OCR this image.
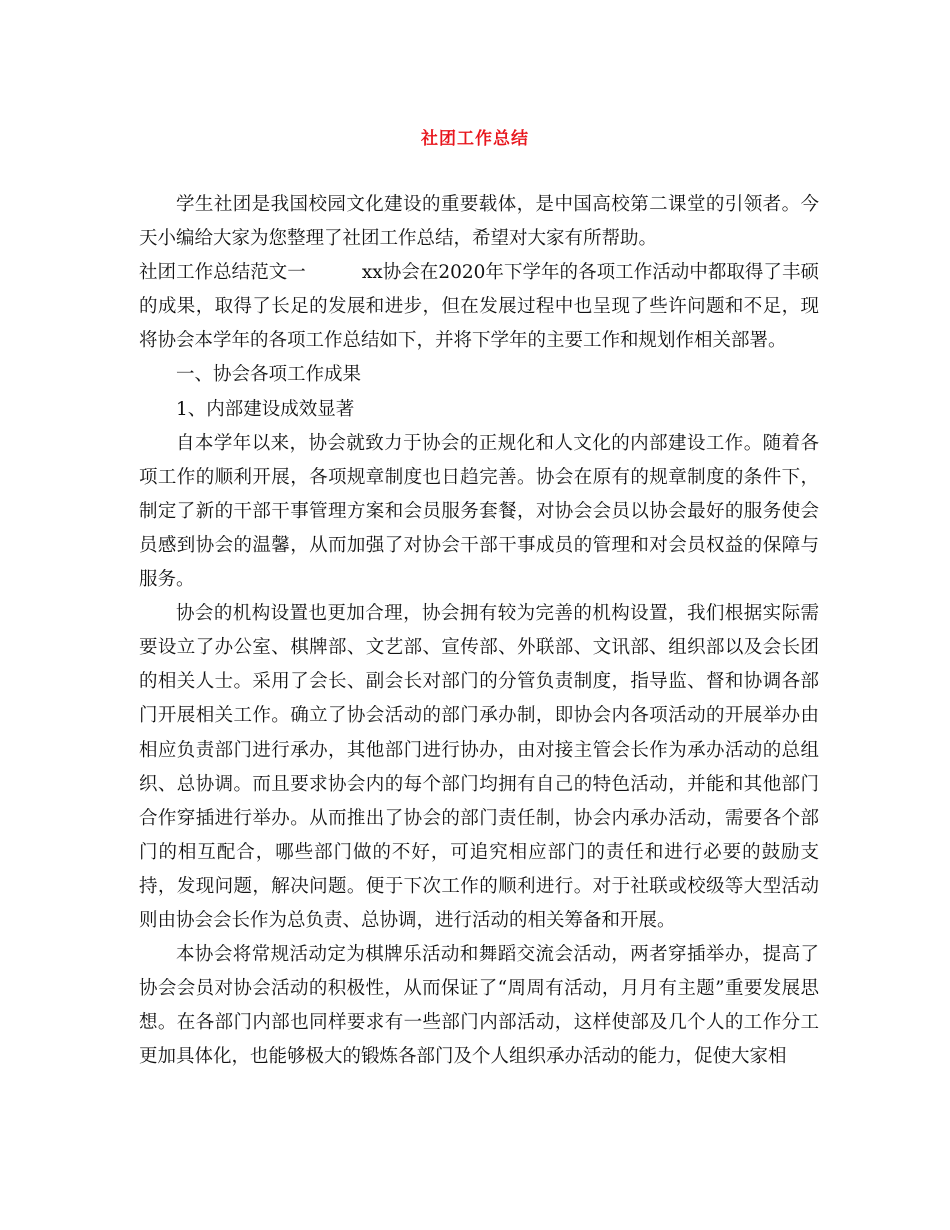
社团工作总结

学生社团是我国校园文化建设的重要载体，是中国高校第二课堂的引领者。今天小编给大家为您整理了社团工作总结，希望对大家有所帮助。

社团工作总结范文一	xx协会在2020年下学年的各项工作活动中都取得了丰硕的成果，取得了长足的发展和进步，但在发展过程中也呈现了些许问题和不足，现将协会本学年的各项工作总结如下，并将下学年的主要工作和规划作相关部署。

一、协会各项工作成果

1、内部建设成效显著

自本学年以来，协会就致力于协会的正规化和人文化的内部建设工作。随着各项工作的顺利开展，各项规章制度也日趋完善。协会在原有的规章制度的条件下，制定了新的干部干事管理方案和会员服务套餐，对协会会员以协会最好的服务使会员感到协会的温馨，从而加强了对协会干部干事成员的管理和对会员权益的保障与服务。

协会的机构设置也更加合理，协会拥有较为完善的机构设置，我们根据实际需要设立了办公室、棋牌部、文艺部、宣传部、外联部、文讯部、组织部以及会长团的相关人士。采用了会长、副会长对部门的分管负责制度，指导监、督和协调各部门开展相关工作。确立了协会活动的部门承办制，即协会内各项活动的开展举办由相应负责部门进行承办，其他部门进行协办，由对接主管会长作为承办活动的总组织、总协调。而且要求协会内的每个部门均拥有自己的特色活动，并能和其他部门合作穿插进行举办。从而推出了协会的部门责任制，协会内承办活动，需要各个部门的相互配合，哪些部门做的不好，可追究相应部门的责任和进行必要的鼓励支持，发现问题，解决问题。便于下次工作的顺利进行。对于社联或校级等大型活动则由协会会长作为总负责、总协调，进行活动的相关筹备和开展。

本协会将常规活动定为棋牌乐活动和舞蹈交流会活动，两者穿插举办，提高了协会会员对协会活动的积极性，从而保证了“周周有活动，月月有主题”重要发展思想。在各部门内部也同样要求有一些部门内部活动，这样使部及几个人的工作分工更加具体化，也能够极大的锻炼各部门及个人组织承办活动的能力，促使大家相
